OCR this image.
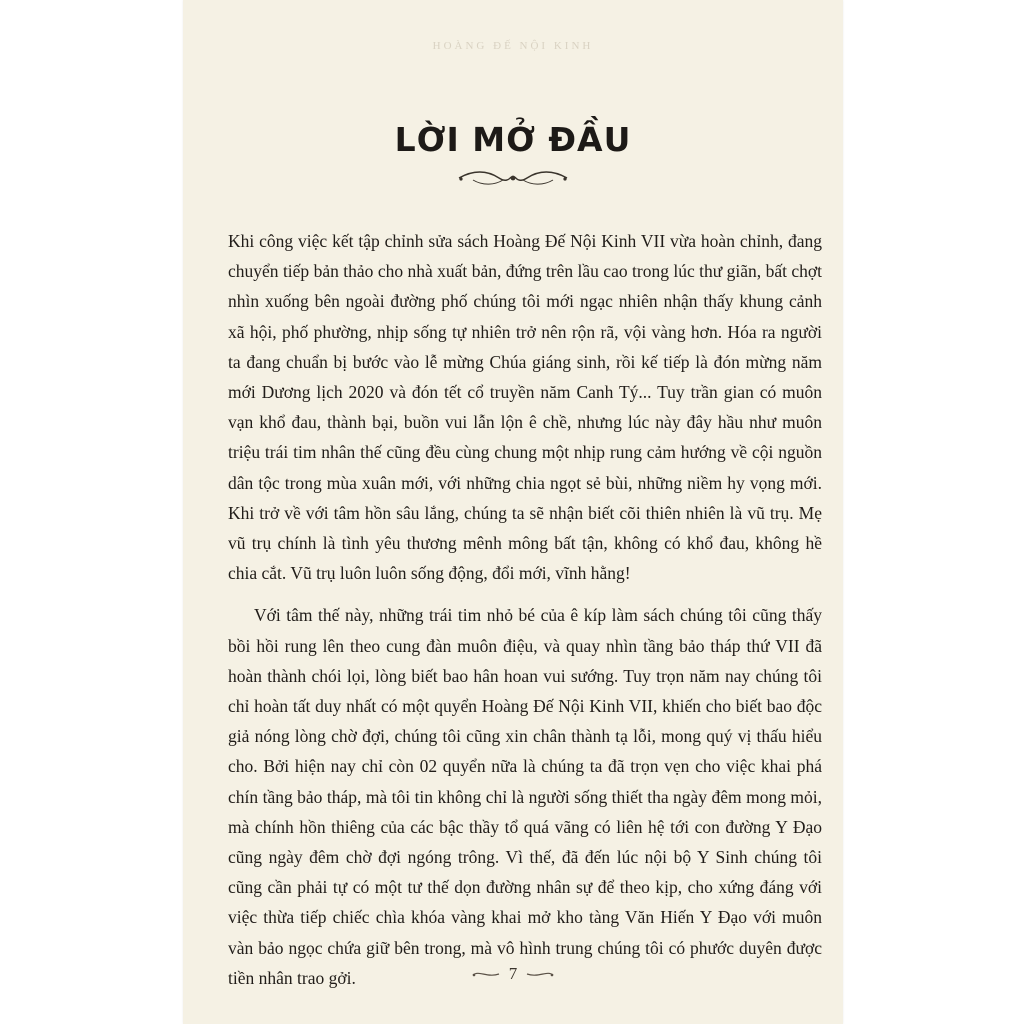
HOÀNG ĐẾ NỘI KINH
LỜI MỞ ĐẦU

Khi công việc kết tập chỉnh sửa sách Hoàng Đế Nội Kinh VII vừa hoàn chỉnh, đang chuyển tiếp bản thảo cho nhà xuất bản, đứng trên lầu cao trong lúc thư giãn, bất chợt nhìn xuống bên ngoài đường phố chúng tôi mới ngạc nhiên nhận thấy khung cảnh xã hội, phố phường, nhịp sống tự nhiên trở nên rộn rã, vội vàng hơn. Hóa ra người ta đang chuẩn bị bước vào lễ mừng Chúa giáng sinh, rồi kế tiếp là đón mừng năm mới Dương lịch 2020 và đón tết cổ truyền năm Canh Tý... Tuy trần gian có muôn vạn khổ đau, thành bại, buồn vui lẫn lộn ê chề, nhưng lúc này đây hầu như muôn triệu trái tim nhân thế cũng đều cùng chung một nhịp rung cảm hướng về cội nguồn dân tộc trong mùa xuân mới, với những chia ngọt sẻ bùi, những niềm hy vọng mới. Khi trở về với tâm hồn sâu lắng, chúng ta sẽ nhận biết cõi thiên nhiên là vũ trụ. Mẹ vũ trụ chính là tình yêu thương mênh mông bất tận, không có khổ đau, không hề chia cắt. Vũ trụ luôn luôn sống động, đổi mới, vĩnh hằng!

Với tâm thế này, những trái tim nhỏ bé của ê kíp làm sách chúng tôi cũng thấy bồi hồi rung lên theo cung đàn muôn điệu, và quay nhìn tầng bảo tháp thứ VII đã hoàn thành chói lọi, lòng biết bao hân hoan vui sướng. Tuy trọn năm nay chúng tôi chỉ hoàn tất duy nhất có một quyển Hoàng Đế Nội Kinh VII, khiến cho biết bao độc giả nóng lòng chờ đợi, chúng tôi cũng xin chân thành tạ lỗi, mong quý vị thấu hiểu cho. Bởi hiện nay chỉ còn 02 quyển nữa là chúng ta đã trọn vẹn cho việc khai phá chín tầng bảo tháp, mà tôi tin không chỉ là người sống thiết tha ngày đêm mong mỏi, mà chính hồn thiêng của các bậc thầy tổ quá vãng có liên hệ tới con đường Y Đạo cũng ngày đêm chờ đợi ngóng trông. Vì thế, đã đến lúc nội bộ Y Sinh chúng tôi cũng cần phải tự có một tư thế dọn đường nhân sự để theo kịp, cho xứng đáng với việc thừa tiếp chiếc chìa khóa vàng khai mở kho tàng Văn Hiến Y Đạo với muôn vàn bảo ngọc chứa giữ bên trong, mà vô hình trung chúng tôi có phước duyên được tiền nhân trao gởi.	7
